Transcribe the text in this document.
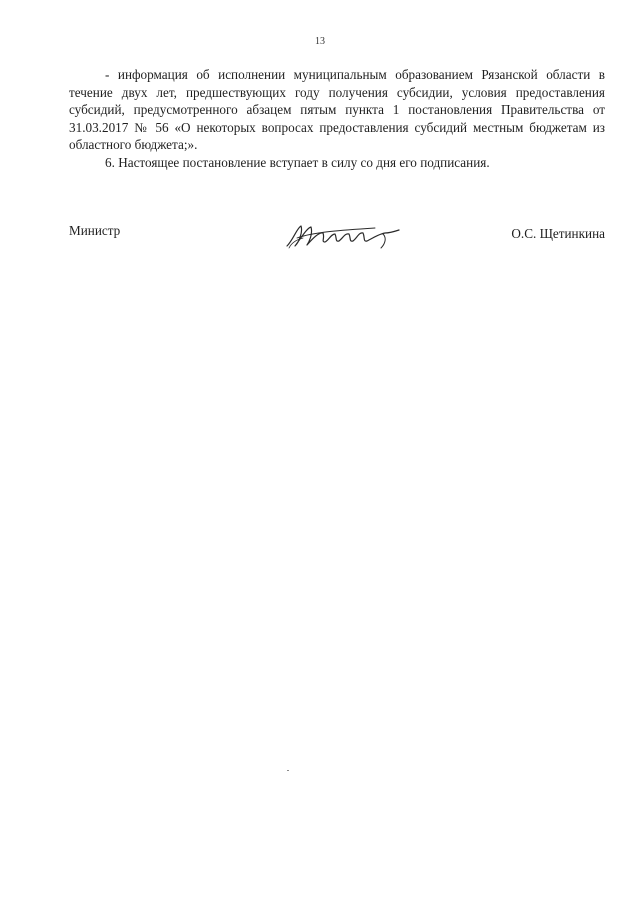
13

- информация об исполнении муниципальным образованием Рязанской области в течение двух лет, предшествующих году получения субсидии, условия предоставления субсидий, предусмотренного абзацем пятым пункта 1 постановления Правительства от 31.03.2017 № 56 «О некоторых вопросах предоставления субсидий местным бюджетам из областного бюджета;».

6. Настоящее постановление вступает в силу со дня его подписания.

Министр	О.С. Щетинкина
